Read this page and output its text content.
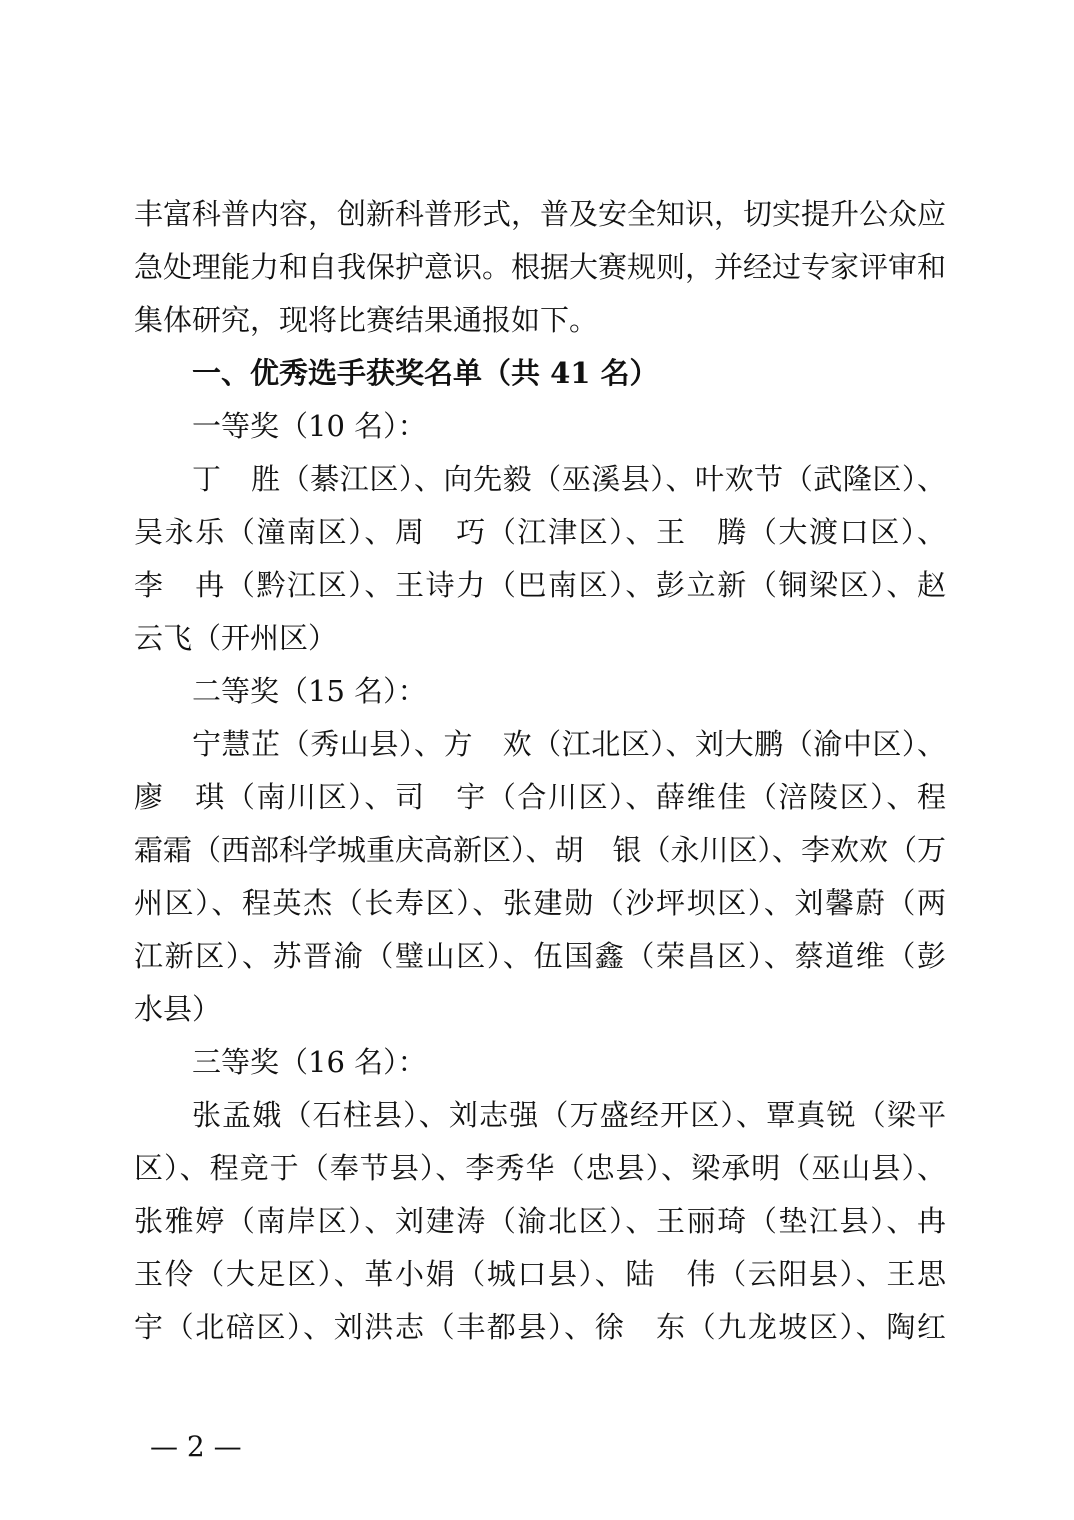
丰富科普内容，创新科普形式，普及安全知识，切实提升公众应
急处理能力和自我保护意识。根据大赛规则，并经过专家评审和
集体研究，现将比赛结果通报如下。
一、优秀选手获奖名单（共 41 名）
一等奖（10 名）：
丁　胜（綦江区）、向先毅（巫溪县）、叶欢节（武隆区）、
吴永乐（潼南区）、周　巧（江津区）、王　腾（大渡口区）、
李　冉（黔江区）、王诗力（巴南区）、彭立新（铜梁区）、赵
云飞（开州区）
二等奖（15 名）：
宁慧芷（秀山县）、方　欢（江北区）、刘大鹏（渝中区）、
廖　琪（南川区）、司　宇（合川区）、薛维佳（涪陵区）、程
霜霜（西部科学城重庆高新区）、胡　银（永川区）、李欢欢（万
州区）、程英杰（长寿区）、张建勋（沙坪坝区）、刘馨蔚（两
江新区）、苏晋渝（璧山区）、伍国鑫（荣昌区）、蔡道维（彭
水县）
三等奖（16 名）：
张孟娥（石柱县）、刘志强（万盛经开区）、覃真锐（梁平
区）、程竞于（奉节县）、李秀华（忠县）、梁承明（巫山县）、
张雅婷（南岸区）、刘建涛（渝北区）、王丽琦（垫江县）、冉
玉伶（大足区）、革小娟（城口县）、陆　伟（云阳县）、王思
宇（北碚区）、刘洪志（丰都县）、徐　东（九龙坡区）、陶红
— 2 —
